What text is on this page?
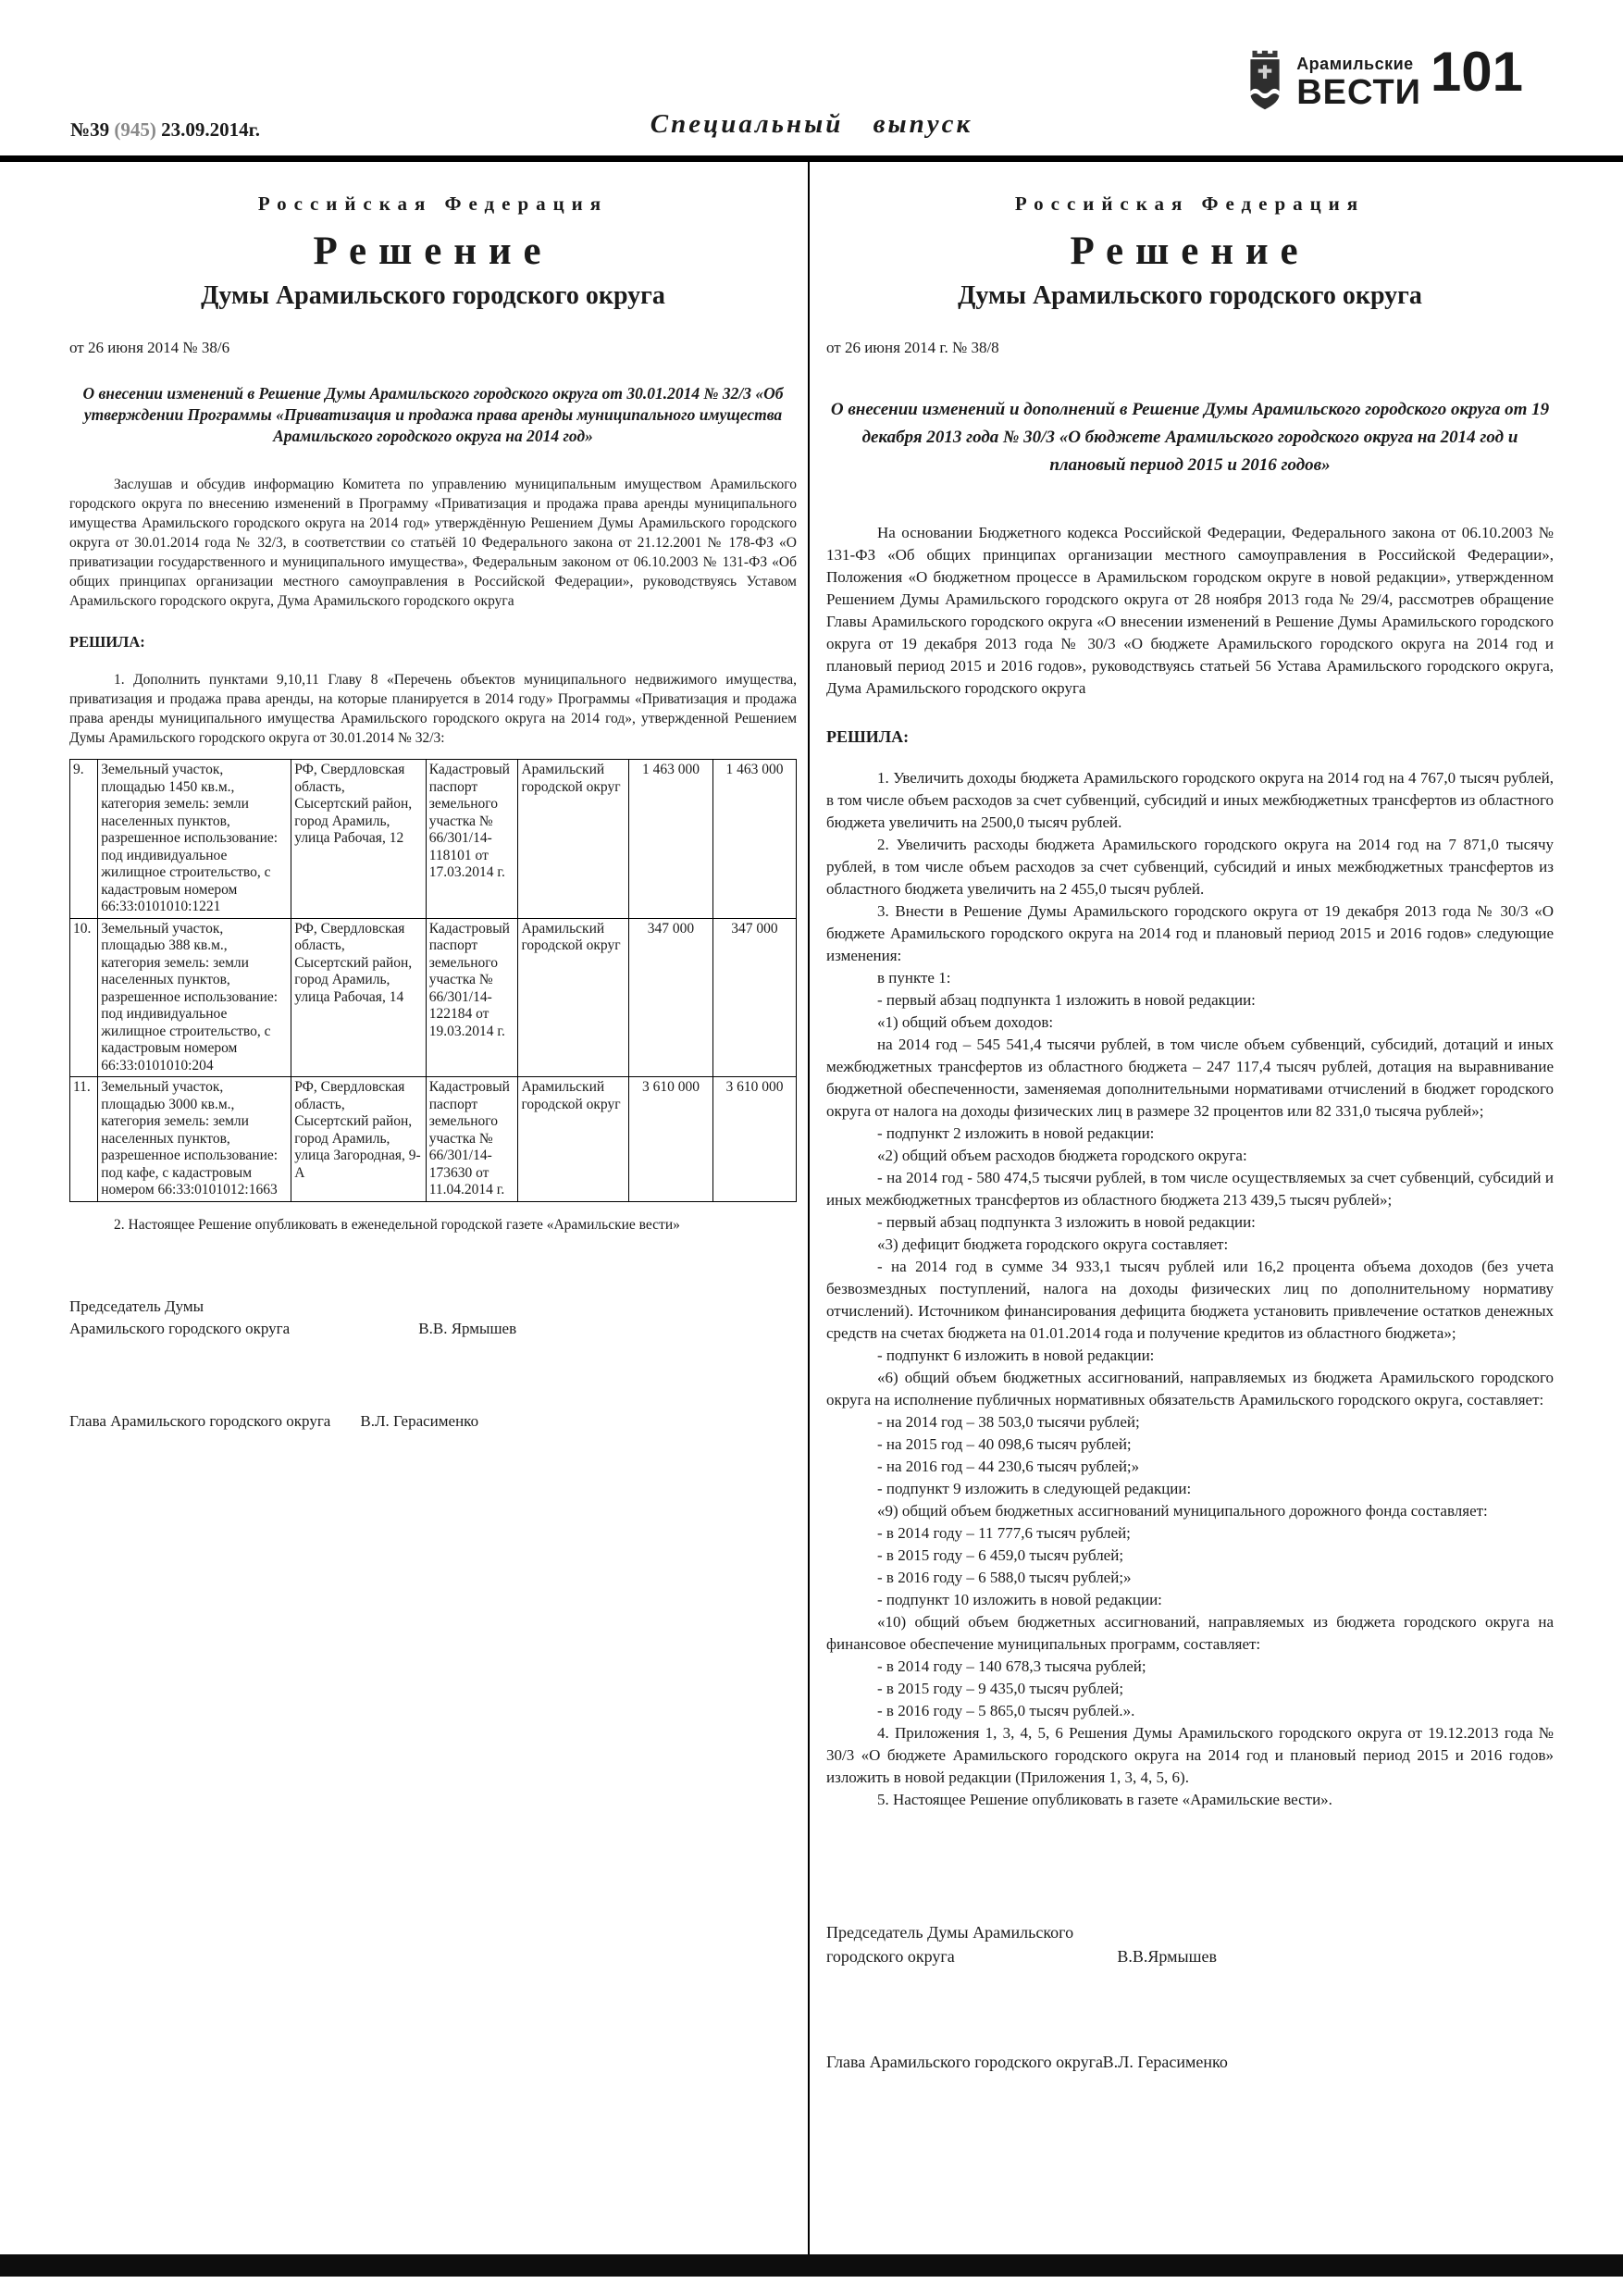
№39 (945) 23.09.2014г.	Специальный выпуск
Арамильские
ВЕСТИ 101
Российская Федерация
Решение
Думы Арамильского городского округа
от 26 июня 2014 № 38/6
О внесении изменений в Решение Думы Арамильского городского округа от 30.01.2014 № 32/3 «Об утверждении Программы «Приватизация и продажа права аренды муниципального имущества Арамильского городского округа на 2014 год»

Заслушав и обсудив информацию Комитета по управлению муниципальным имуществом Арамильского городского округа по внесению изменений в Программу «Приватизация и продажа права аренды муниципального имущества Арамильского городского округа на 2014 год» утверждённую Решением Думы Арамильского городского округа от 30.01.2014 года № 32/3, в соответствии со статьёй 10 Федерального закона от 21.12.2001 № 178-ФЗ «О приватизации государственного и муниципального имущества», Федеральным законом от 06.10.2003 № 131-ФЗ «Об общих принципах организации местного самоуправления в Российской Федерации», руководствуясь Уставом Арамильского городского округа, Дума Арамильского городского округа

РЕШИЛА:

1. Дополнить пунктами 9,10,11 Главу 8 «Перечень объектов муниципального недвижимого имущества, приватизация и продажа права аренды, на которые планируется в 2014 году» Программы «Приватизация и продажа права аренды муниципального имущества Арамильского городского округа на 2014 год», утвержденной Решением Думы Арамильского городского округа от 30.01.2014 № 32/3:

9.	Земельный участок, площадью 1450 кв.м., категория земель: земли населенных пунктов, разрешенное использование: под индивидуальное жилищное строительство, с кадастровым номером 66:33:0101010:1221	РФ, Свердловская область, Сысертский район, город Арамиль, улица Рабочая, 12	Кадастровый паспорт земельного участка № 66/301/14-118101 от 17.03.2014 г.	Арамильский городской округ	1 463 000	1 463 000
10.	Земельный участок, площадью 388 кв.м., категория земель: земли населенных пунктов, разрешенное использование: под индивидуальное жилищное строительство, с кадастровым номером 66:33:0101010:204	РФ, Свердловская область, Сысертский район, город Арамиль, улица Рабочая, 14	Кадастровый паспорт земельного участка № 66/301/14-122184 от 19.03.2014 г.	Арамильский городской округ	347 000	347 000
11.	Земельный участок, площадью 3000 кв.м., категория земель: земли населенных пунктов, разрешенное использование: под кафе, с кадастровым номером 66:33:0101012:1663	РФ, Свердловская область, Сысертский район, город Арамиль, улица Загородная, 9-А	Кадастровый паспорт земельного участка № 66/301/14-173630 от 11.04.2014 г.	Арамильский городской округ	3 610 000	3 610 000

2. Настоящее Решение опубликовать в еженедельной городской газете «Арамильские вести»

Председатель Думы
Арамильского городского округа	В.В. Ярмышев
Глава Арамильского городского округа	В.Л. Герасименко
Российская Федерация
Решение
Думы Арамильского городского округа
от 26 июня 2014 г. № 38/8
О внесении изменений и дополнений в Решение Думы Арамильского городского округа от 19 декабря 2013 года № 30/3 «О бюджете Арамильского городского округа на 2014 год и плановый период 2015 и 2016 годов»

На основании Бюджетного кодекса Российской Федерации, Федерального закона от 06.10.2003 № 131-ФЗ «Об общих принципах организации местного самоуправления в Российской Федерации», Положения «О бюджетном процессе в Арамильском городском округе в новой редакции», утвержденном Решением Думы Арамильского городского округа от 28 ноября 2013 года № 29/4, рассмотрев обращение Главы Арамильского городского округа «О внесении изменений в Решение Думы Арамильского городского округа от 19 декабря 2013 года № 30/3 «О бюджете Арамильского городского округа на 2014 год и плановый период 2015 и 2016 годов», руководствуясь статьей 56 Устава Арамильского городского округа, Дума Арамильского городского округа

РЕШИЛА:

1. Увеличить доходы бюджета Арамильского городского округа на 2014 год на 4 767,0 тысяч рублей, в том числе объем расходов за счет субвенций, субсидий и иных межбюджетных трансфертов из областного бюджета увеличить на 2500,0 тысяч рублей.

2. Увеличить расходы бюджета Арамильского городского округа на 2014 год на 7 871,0 тысячу рублей, в том числе объем расходов за счет субвенций, субсидий и иных межбюджетных трансфертов из областного бюджета увеличить на 2 455,0 тысяч рублей.

3. Внести в Решение Думы Арамильского городского округа от 19 декабря 2013 года № 30/3 «О бюджете Арамильского городского округа на 2014 год и плановый период 2015 и 2016 годов» следующие изменения:

в пункте 1:

- первый абзац подпункта 1 изложить в новой редакции:

«1) общий объем доходов:

на 2014 год – 545 541,4 тысячи рублей, в том числе объем субвенций, субсидий, дотаций и иных межбюджетных трансфертов из областного бюджета – 247 117,4 тысяч рублей, дотация на выравнивание бюджетной обеспеченности, заменяемая дополнительными нормативами отчислений в бюджет городского округа от налога на доходы физических лиц в размере 32 процентов или 82 331,0 тысяча рублей»;

- подпункт 2 изложить в новой редакции:

«2) общий объем расходов бюджета городского округа:

- на 2014 год - 580 474,5 тысячи рублей, в том числе осуществляемых за счет субвенций, субсидий и иных межбюджетных трансфертов из областного бюджета 213 439,5 тысяч рублей»;

- первый абзац подпункта 3 изложить в новой редакции:

«3) дефицит бюджета городского округа составляет:

- на 2014 год в сумме 34 933,1 тысяч рублей или 16,2 процента объема доходов (без учета безвозмездных поступлений, налога на доходы физических лиц по дополнительному нормативу отчислений). Источником финансирования дефицита бюджета установить привлечение остатков денежных средств на счетах бюджета на 01.01.2014 года и получение кредитов из областного бюджета»;

- подпункт 6 изложить в новой редакции:

«6) общий объем бюджетных ассигнований, направляемых из бюджета Арамильского городского округа на исполнение публичных нормативных обязательств Арамильского городского округа, составляет:

- на 2014 год – 38 503,0 тысячи рублей;

- на 2015 год – 40 098,6 тысяч рублей;

- на 2016 год – 44 230,6 тысяч рублей;»

- подпункт 9 изложить в следующей редакции:

«9) общий объем бюджетных ассигнований муниципального дорожного фонда составляет:

- в 2014 году – 11 777,6 тысяч рублей;

- в 2015 году – 6 459,0 тысяч рублей;

- в 2016 году – 6 588,0 тысяч рублей;»

- подпункт 10 изложить в новой редакции:

«10) общий объем бюджетных ассигнований, направляемых из бюджета городского округа на финансовое обеспечение муниципальных программ, составляет:

- в 2014 году – 140 678,3 тысяча рублей;

- в 2015 году – 9 435,0 тысяч рублей;

- в 2016 году – 5 865,0 тысяч рублей.».

4. Приложения 1, 3, 4, 5, 6 Решения Думы Арамильского городского округа от 19.12.2013 года № 30/3 «О бюджете Арамильского городского округа на 2014 год и плановый период 2015 и 2016 годов» изложить в новой редакции (Приложения 1, 3, 4, 5, 6).

5. Настоящее Решение опубликовать в газете «Арамильские вести».

Председатель Думы Арамильского
городского округа	В.В.Ярмышев
Глава Арамильского городского округа В.Л. Герасименко
